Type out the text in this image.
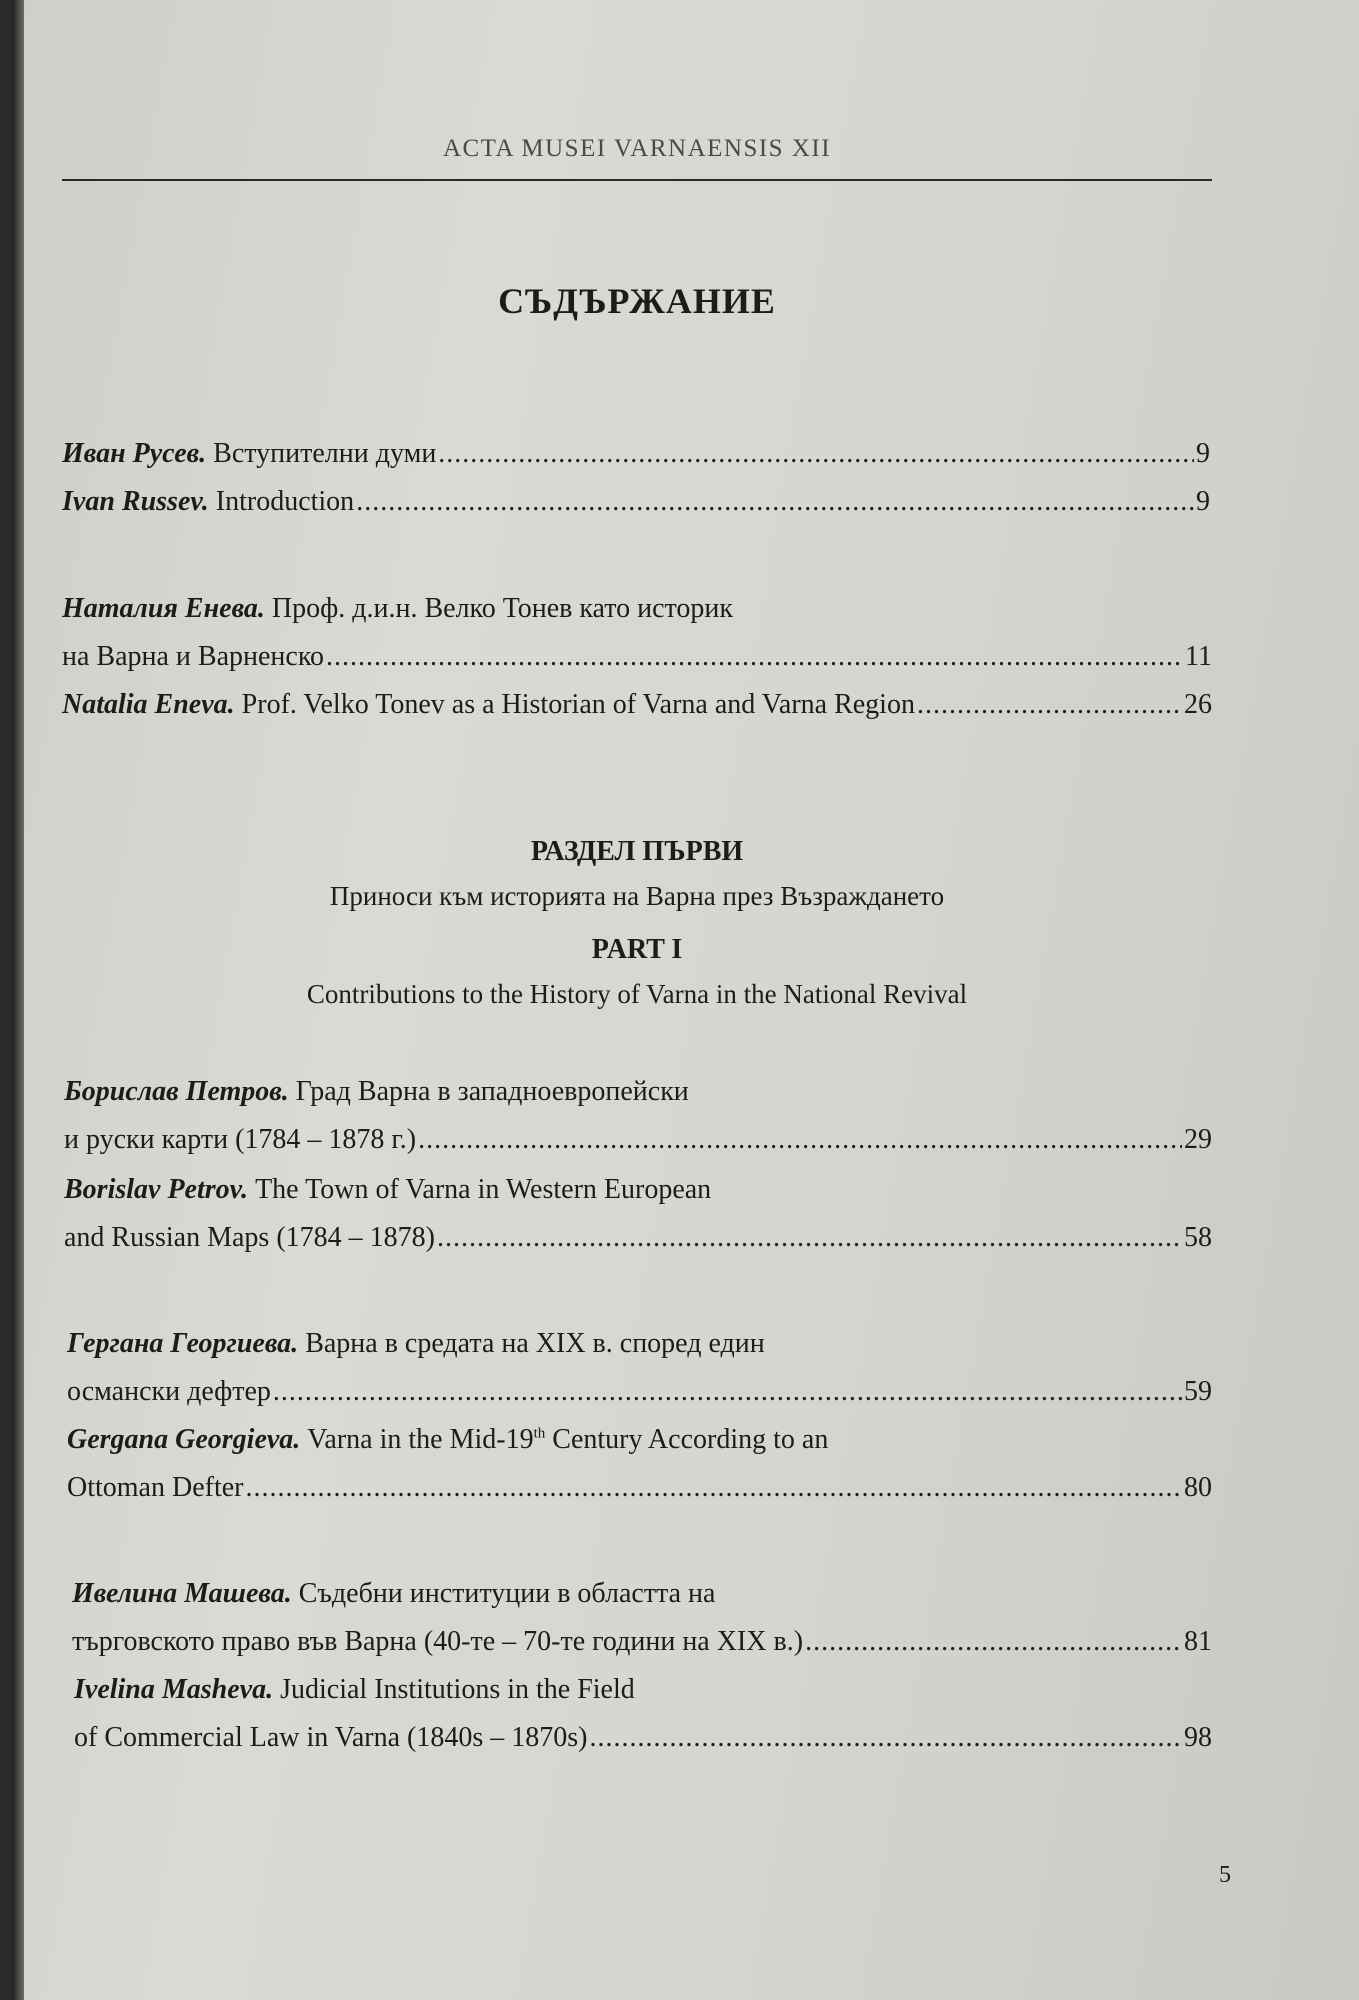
ACTA MUSEI VARNAENSIS XII
СЪДЪРЖАНИЕ
Иван Русев.
Вступителни думи .....	9
Ivan Russev.
Introduction .....	9
Наталия Енева.
Проф. д.и.н. Велко Тонев като историк
на Варна и Варненско .....	11
Natalia Eneva.
Prof. Velko Tonev as a Historian of Varna and Varna Region .....	26
РАЗДЕЛ ПЪРВИ
Приноси към историята на Варна през Възраждането
PART I
Contributions to the History of Varna in the National Revival
Борислав Петров.
Град Варна в западноевропейски
и руски карти (1784 – 1878 г.) .....	29
Borislav Petrov.
The Town of Varna in Western European
and Russian Maps (1784 – 1878) .....	58
Гергана Георгиева.
Варна в средата на XIX в. според един
османски дефтер .....	59
Gergana Georgieva.
Varna in the Mid-19th Century According to an
Ottoman Defter .....	80
Ивелина Машева.
Съдебни институции в областта на
търговското право във Варна (40-те – 70-те години на XIX в.) .....	81
Ivelina Masheva.
Judicial Institutions in the Field
of Commercial Law in Varna (1840s – 1870s) .....	98
5
